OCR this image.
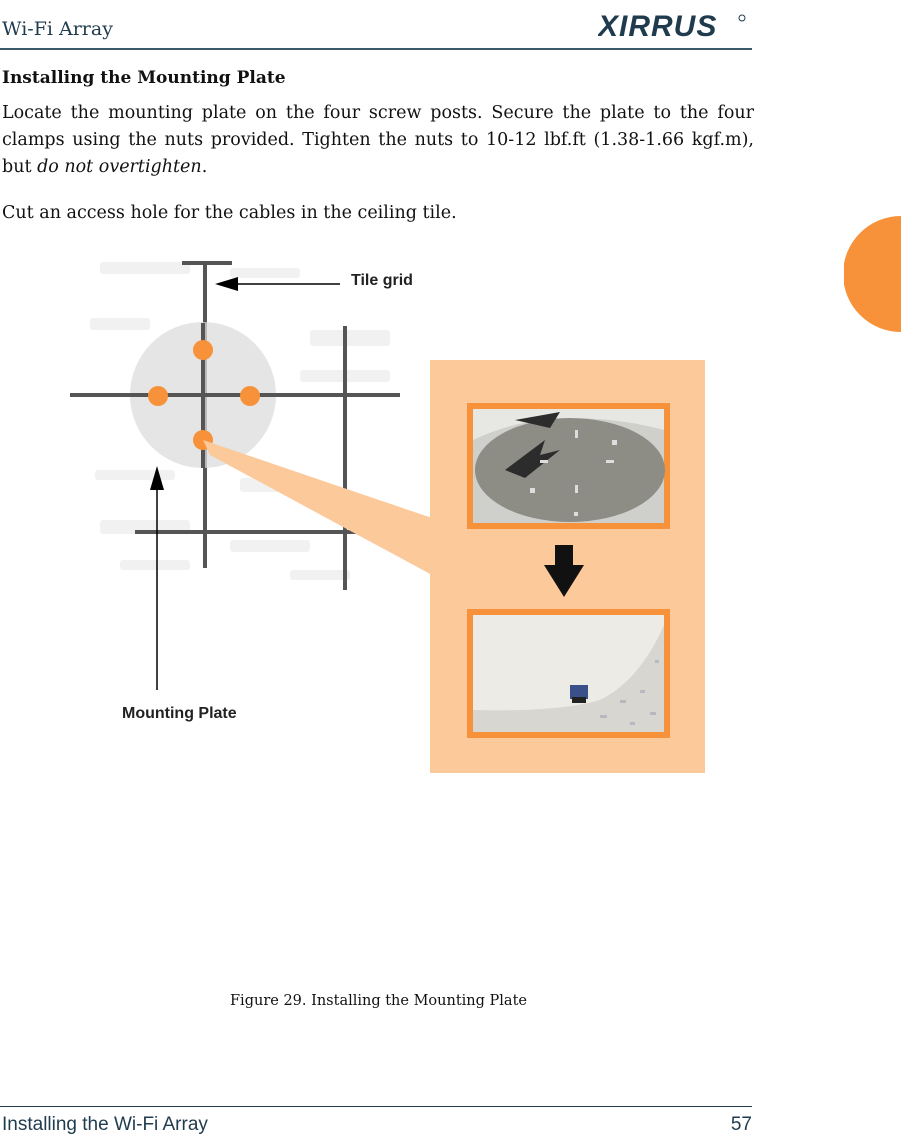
Wi-Fi Array	XIRRUS
Installing the Mounting Plate
Locate the mounting plate on the four screw posts. Secure the plate to the four clamps using the nuts provided. Tighten the nuts to 10-12 lbf.ft (1.38-1.66 kgf.m), but do not overtighten.
Cut an access hole for the cables in the ceiling tile.
Tile grid
Mounting Plate
Figure 29. Installing the Mounting Plate
Installing the Wi-Fi Array	57
